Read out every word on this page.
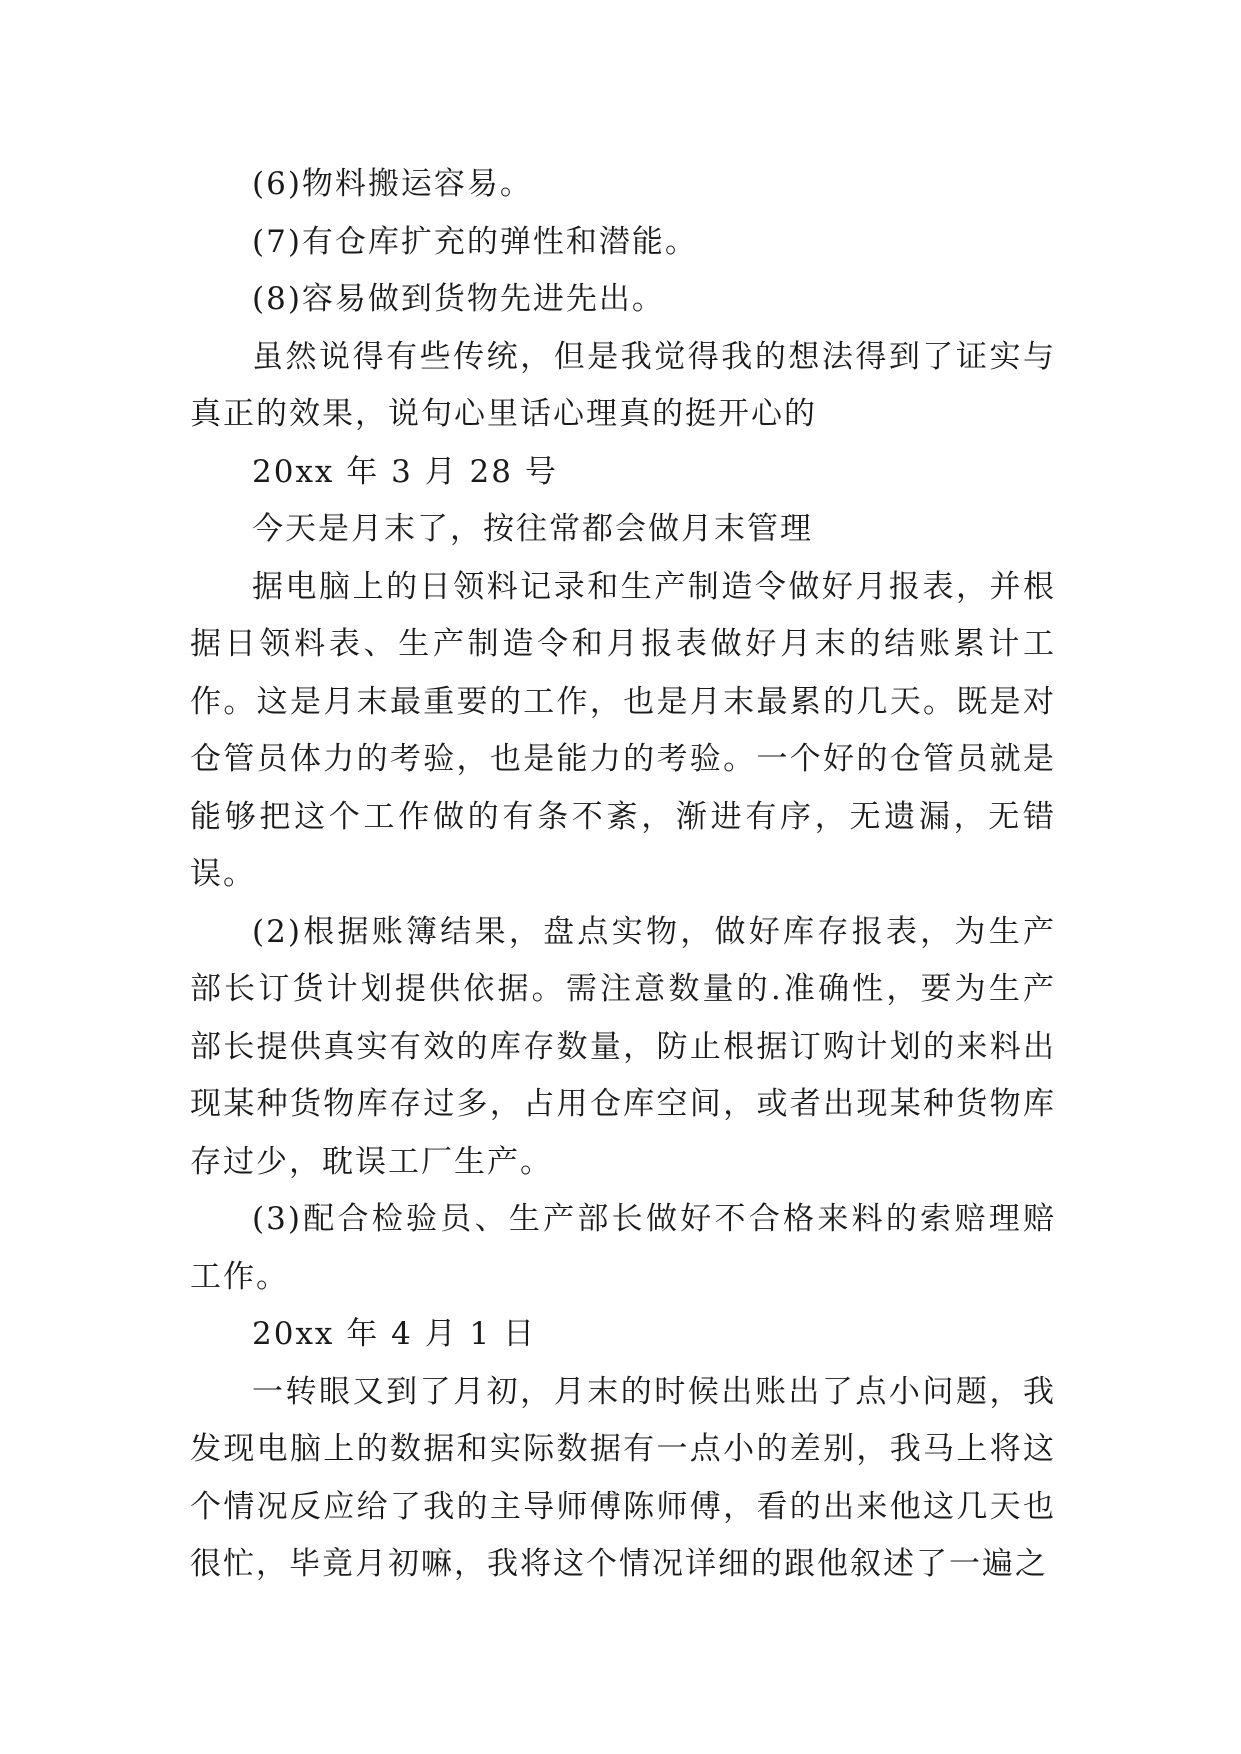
(6)物料搬运容易。

(7)有仓库扩充的弹性和潜能。

(8)容易做到货物先进先出。

虽然说得有些传统，但是我觉得我的想法得到了证实与真正的效果，说句心里话心理真的挺开心的

20xx 年 3 月 28 号

今天是月末了，按往常都会做月末管理

据电脑上的日领料记录和生产制造令做好月报表，并根据日领料表、生产制造令和月报表做好月末的结账累计工作。这是月末最重要的工作，也是月末最累的几天。既是对仓管员体力的考验，也是能力的考验。一个好的仓管员就是能够把这个工作做的有条不紊，渐进有序，无遗漏，无错误。

(2)根据账簿结果，盘点实物，做好库存报表，为生产部长订货计划提供依据。需注意数量的.准确性，要为生产部长提供真实有效的库存数量，防止根据订购计划的来料出现某种货物库存过多，占用仓库空间，或者出现某种货物库存过少，耽误工厂生产。

(3)配合检验员、生产部长做好不合格来料的索赔理赔工作。

20xx 年 4 月 1 日

一转眼又到了月初，月末的时候出账出了点小问题，我发现电脑上的数据和实际数据有一点小的差别，我马上将这个情况反应给了我的主导师傅陈师傅，看的出来他这几天也很忙，毕竟月初嘛，我将这个情况详细的跟他叙述了一遍之
